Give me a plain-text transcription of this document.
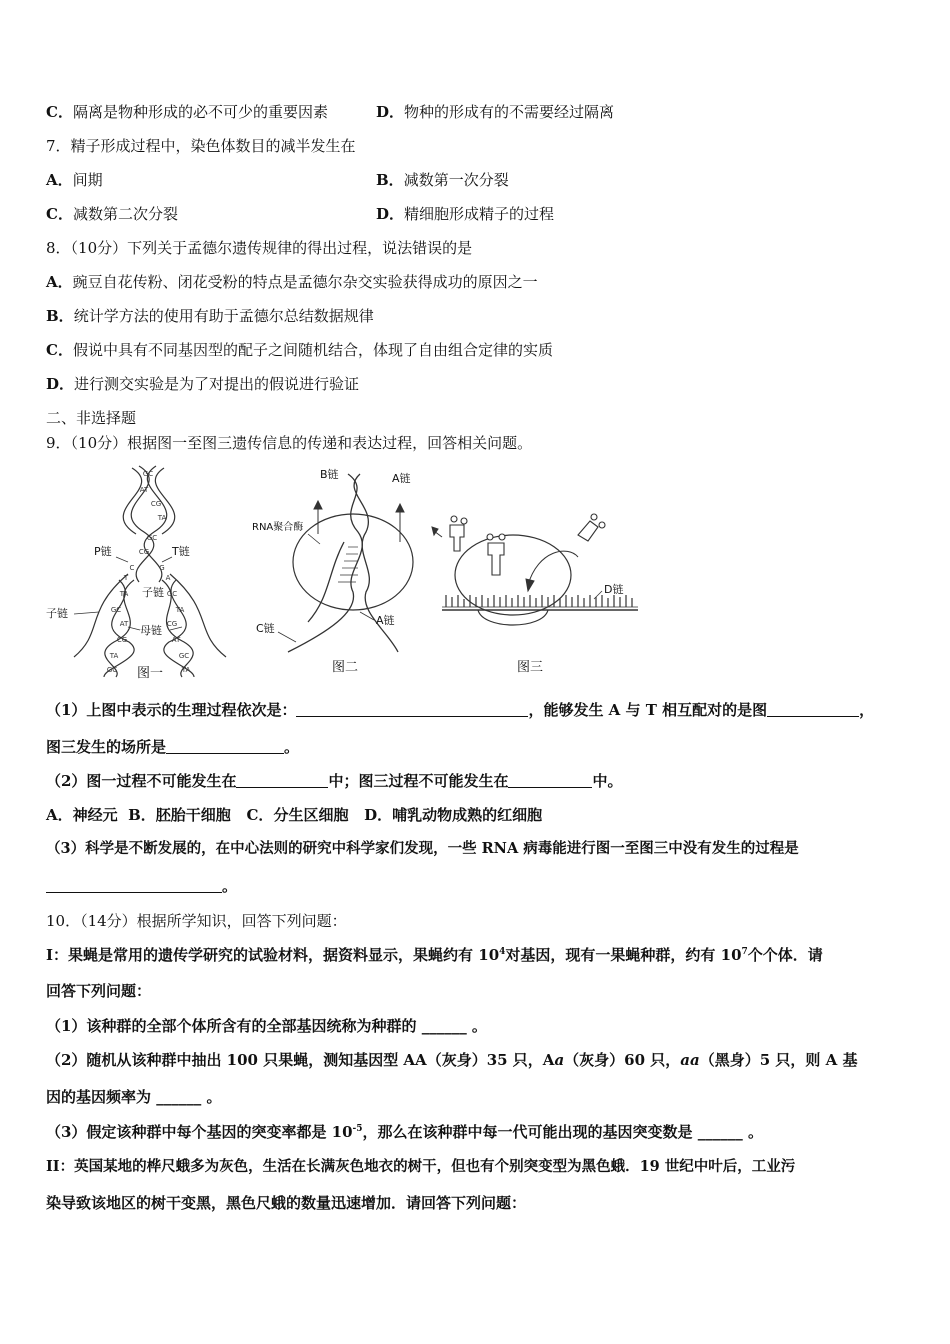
C．隔离是物种形成的必不可少的重要因素	D．物种的形成有的不需要经过隔离
7．精子形成过程中，染色体数目的减半发生在
A．间期	B．减数第一次分裂
C．减数第二次分裂	D．精细胞形成精子的过程
8．（10分）下列关于孟德尔遗传规律的得出过程，说法错误的是
A．豌豆自花传粉、闭花受粉的特点是孟德尔杂交实验获得成功的原因之一
B．统计学方法的使用有助于孟德尔总结数据规律
C．假说中具有不同基因型的配子之间随机结合，体现了自由组合定律的实质
D．进行测交实验是为了对提出的假说进行验证
二、非选择题
9．（10分）根据图一至图三遗传信息的传递和表达过程，回答相关问题。
GC
AT
CG
TA
GC
CG
TA
GC
AT
CG
TA
GC
GC
TA
CG
AT
GC
TA
C	G
T	A
P链	T链
子链
子链
母链
图一
B链	A链
RNA聚合酶
C链
A链
图二
D链
图三
（1）上图中表示的生理过程依次是：	，能够发生 A 与 T 相互配对的是图	，
图三发生的场所是	。
（2）图一过程不可能发生在	中；图三过程不可能发生在	中。
A．神经元 B．胚胎干细胞 C．分生区细胞 D．哺乳动物成熟的红细胞
（3）科学是不断发展的，在中心法则的研究中科学家们发现，一些 RNA 病毒能进行图一至图三中没有发生的过程是
。
10．（14分）根据所学知识，回答下列问题：
I：果蝇是常用的遗传学研究的试验材料，据资料显示，果蝇约有 $10^4$对基因，现有一果蝇种群，约有 $10^7$个个体．请
回答下列问题：
（1）该种群的全部个体所含有的全部基因统称为种群的 ______ 。
（2）随机从该种群中抽出 100 只果蝇，测知基因型 AA（灰身）35 只，Aa（灰身）60 只，aa（黑身）5 只，则 A 基
因的基因频率为 ______ 。
（3）假定该种群中每个基因的突变率都是 $10^{-5}$，那么在该种群中每一代可能出现的基因突变数是 ______ 。
II：英国某地的桦尺蛾多为灰色，生活在长满灰色地衣的树干，但也有个别突变型为黑色蛾．19 世纪中叶后，工业污
染导致该地区的树干变黑，黑色尺蛾的数量迅速增加．请回答下列问题：
